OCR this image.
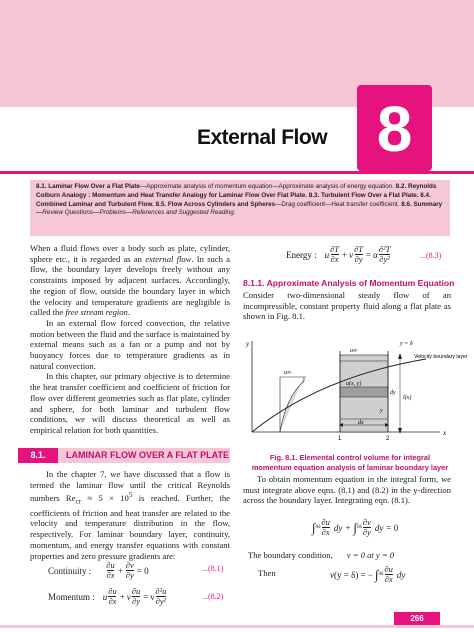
External Flow 8
8.1. Laminar Flow Over a Flat Plate—Approximate analysis of momentum equation—Approximate analysis of energy equation. 8.2. Reynolds Colburn Analogy : Momentum and Heat Transfer Analogy for Laminar Flow Over Flat Plate. 8.3. Turbulent Flow Over a Flat Plate. 8.4. Combined Laminar and Turbulent Flow. 8.5. Flow Across Cylinders and Spheres—Drag coefficient—Heat transfer coefficient. 8.6. Summary—Review Questions—Problems—References and Suggested Reading.

When a fluid flows over a body such as plate, cylinder, sphere etc., it is regarded as an external flow. In such a flow, the boundary layer develops freely without any constraints imposed by adjacent surfaces. Accordingly, the region of flow, outside the boundary layer in which the velocity and temperature gradients are negligible is called the free stream region.

In an external flow forced convection, the relative motion between the fluid and the surface is maintained by external means such as a fan or a pump and not by buoyancy forces due to temperature gradients as in natural convection.

In this chapter, our primary objective is to determine the heat transfer coefficient and coefficient of friction for flow over different geometries such as flat plate, cylinder and sphere, for both laminar and turbulent flow conditions, we will discuss theoretical as well as empirical relation for both quantities.

8.1.	LAMINAR FLOW OVER A FLAT PLATE

In the chapter 7, we have discussed that a flow is termed the laminar flow until the critical Reynolds numbers $Re_{cr} \approx 5 \times 10^5$ is reached. Further, the coefficients of friction and heat transfer are related to the velocity and temperature distribution in the flow, respectively. For laminar boundary layer, continuity, momentum, and energy transfer equations with constant properties and zero pressure gradients are:

Continuity : $\frac{\partial u}{\partial x} + \frac{\partial v}{\partial y} = 0$	...(8.1)
Momentum : u $\frac{\partial u}{\partial x} + v \frac{\partial u}{\partial y} = \nu \frac{\text{∂²u}}{\text{∂y²}}$	...(8.2)
Energy : u $\frac{\partial T}{\partial x} + v \frac{\partial T}{\partial y} = \alpha \frac{\text{∂²T}}{\text{∂y²}}$	...(8.3)
8.1.1. Approximate Analysis of Momentum Equation
Consider two-dimensional steady flow of an incompressible, constant property fluid along a flat plate as shown in Fig. 8.1.
y
x
u∞
u∞
y = δ
Velocity boundary layer
u(x, y)
dy
y
l(x)
dx
1	2
Fig. 8.1. Elemental control volume for integral momentum equation analysis of laminar boundary layer
To obtain momentum equation in the integral form, we must integrate above eqns. (8.1) and (8.2) in the y-direction across the boundary layer. Integrating eqn. (8.1).
∫ 0 δ $\frac{\partial u}{\partial x}$ dy + ∫ 0 δ $\frac{\partial v}{\partial y}$ dy = 0
The boundary condition, v = 0 at y = 0
Then	v (y = δ) = − ∫ 0 δ $\frac{\partial u}{\partial x}$ dy
266
